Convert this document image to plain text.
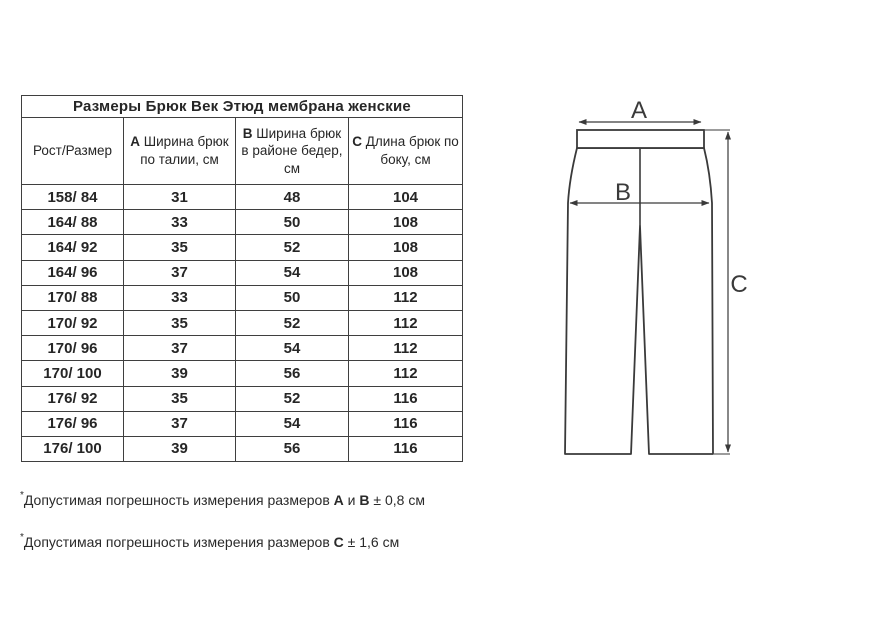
Размеры Брюк Век Этюд мембрана женские			
Рост/Размер	А Ширина брюк по талии, см	В Ширина брюк в районе бедер, см	С Длина брюк по боку, см
158/ 84	31	48	104
164/ 88	33	50	108
164/ 92	35	52	108
164/ 96	37	54	108
170/ 88	33	50	112
170/ 92	35	52	112
170/ 96	37	54	112
170/ 100	39	56	112
176/ 92	35	52	116
176/ 96	37	54	116
176/ 100	39	56	116
*Допустимая погрешность измерения размеров А и В ± 0,8 см
*Допустимая погрешность измерения размеров С ± 1,6 см
A
B
C
